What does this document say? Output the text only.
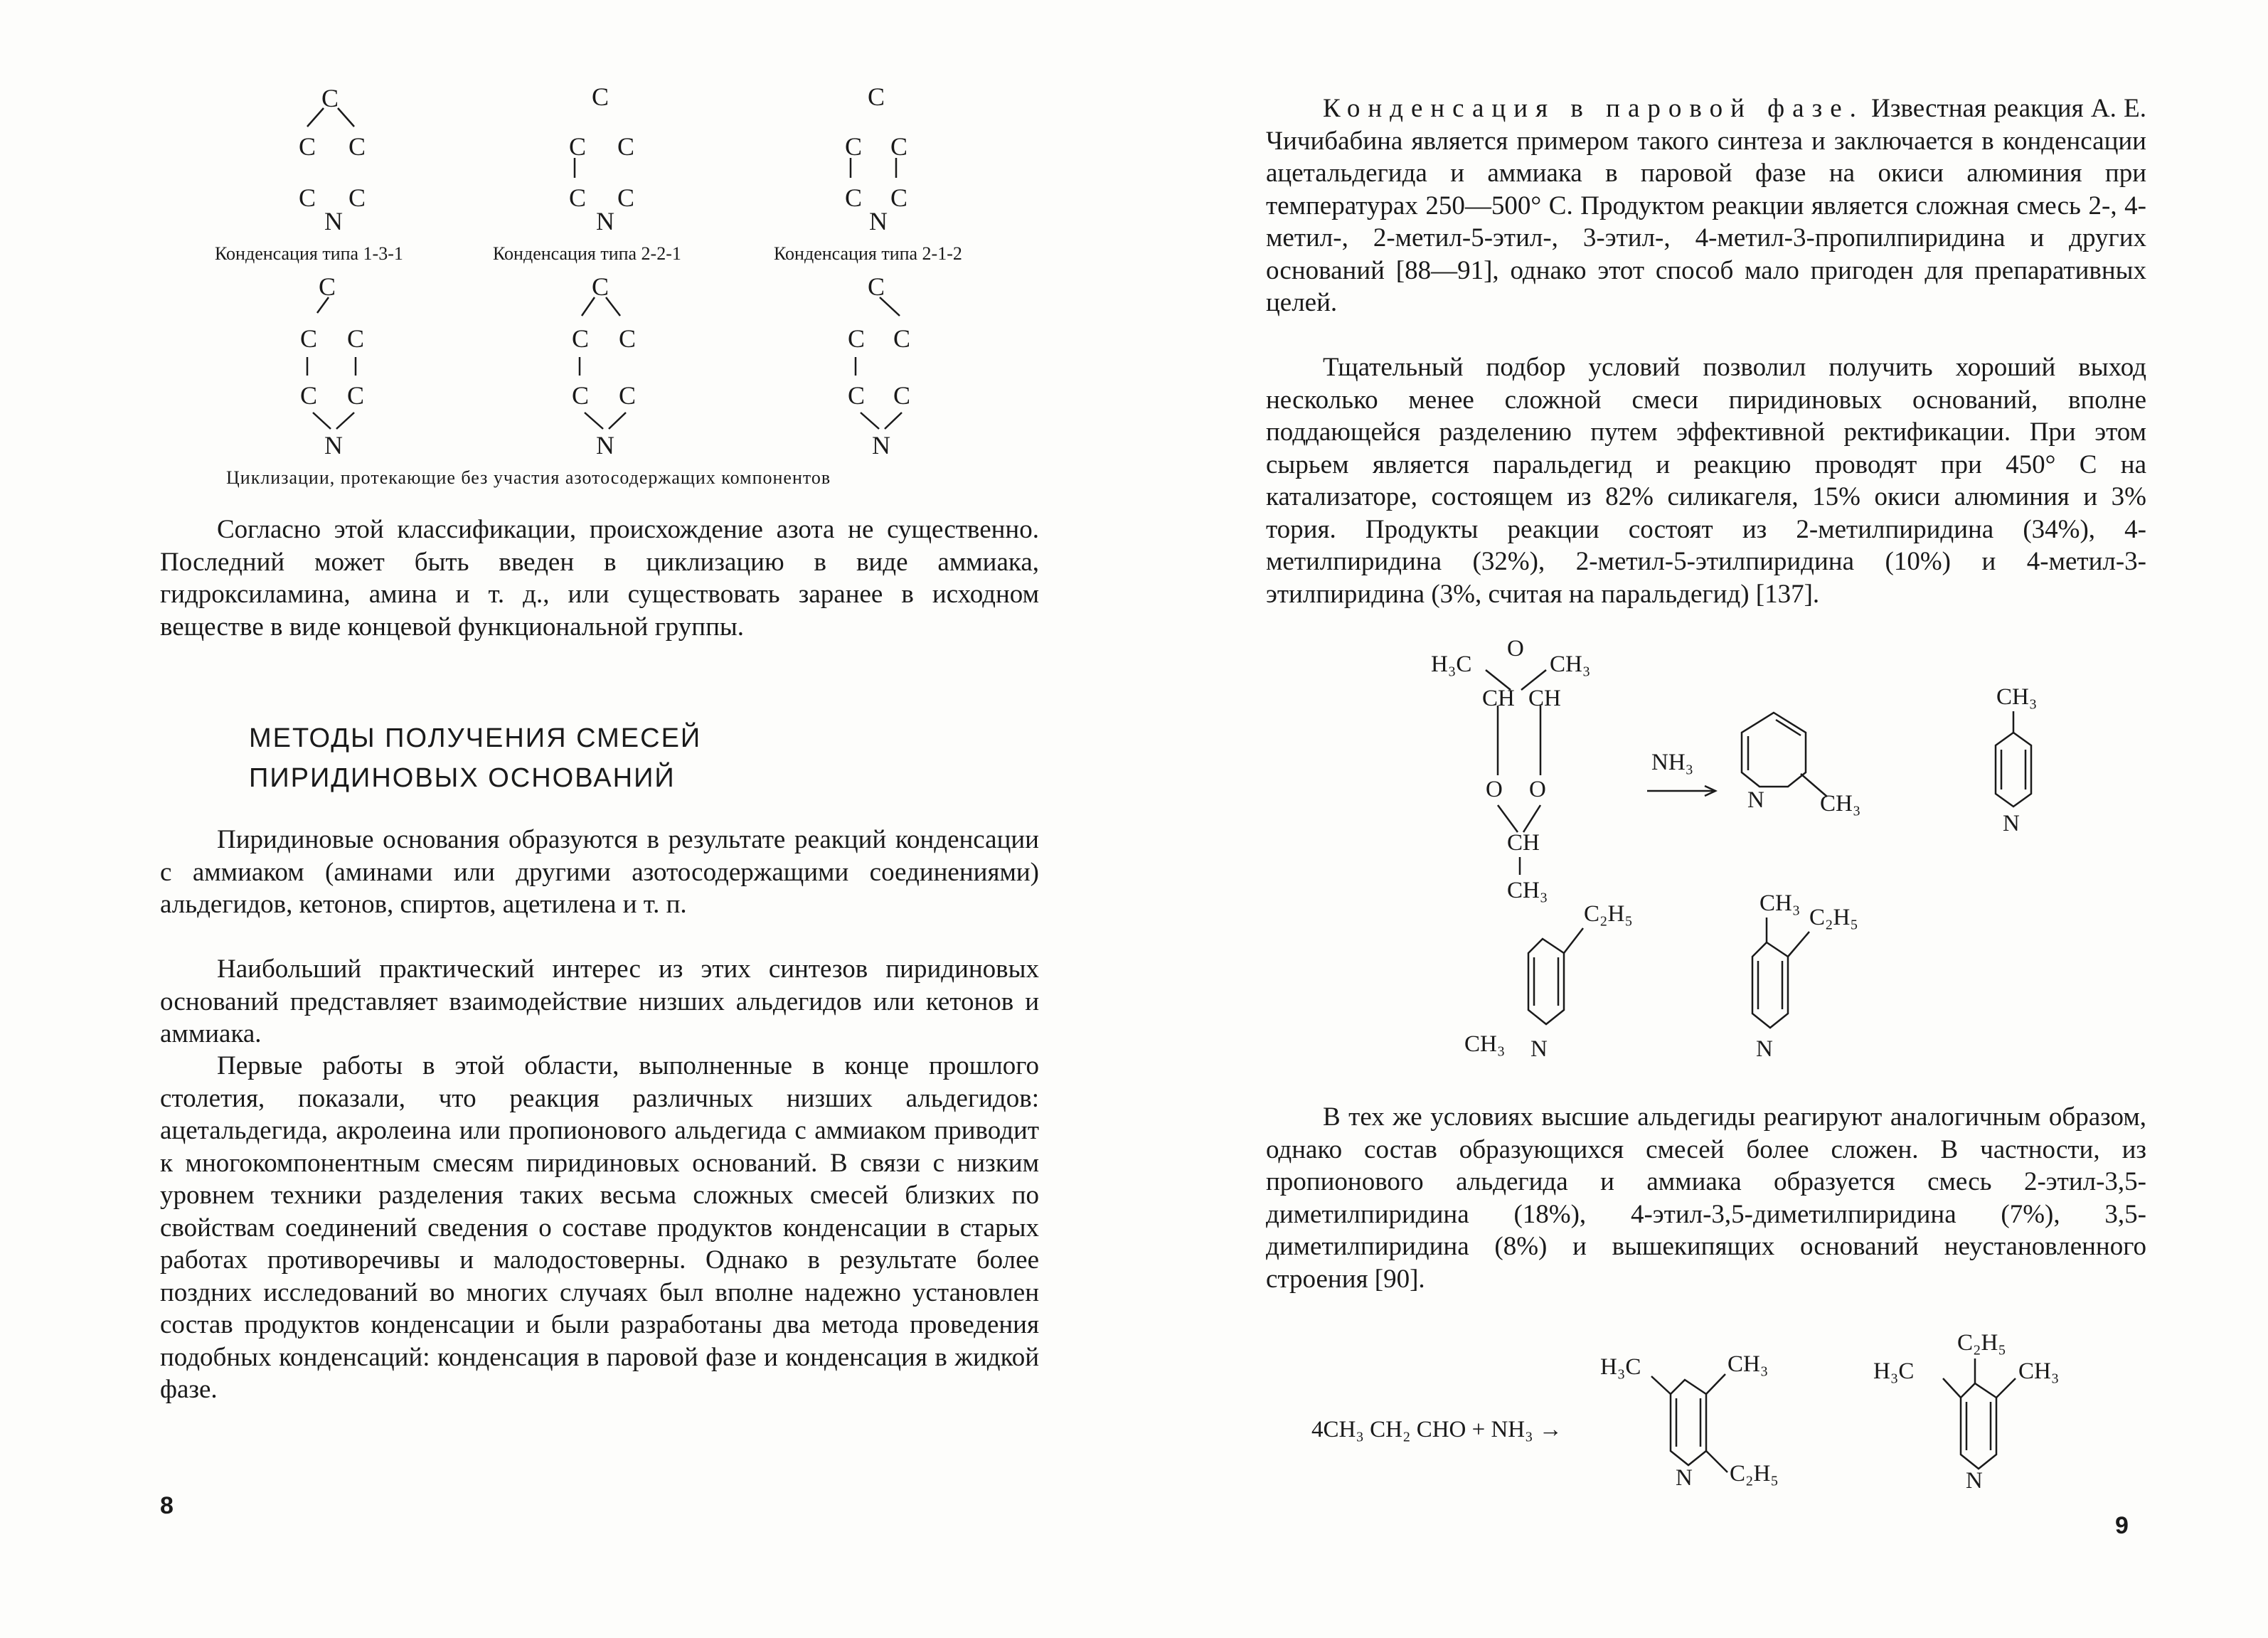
C
C C
C C
C
C C
C C
C
C C
C C
C
C C
C C
C
C C
C C
C
C C
C C
N	N	N
N	N	N
Конденсация типа 1-3-1	Конденсация типа 2-2-1	Конденсация типа 2-1-2
Циклизации, протекающие без участия азотосодержащих компонентов

Согласно этой классификации, происхождение азота не существенно. Последний может быть введен в циклизацию в виде аммиака, гидроксиламина, амина и т. д., или существовать заранее в исходном веществе в виде концевой функциональной группы.

МЕТОДЫ ПОЛУЧЕНИЯ СМЕСЕЙ
ПИРИДИНОВЫХ ОСНОВАНИЙ

Пиридиновые основания образуются в результате реакций конденсации с аммиаком (аминами или другими азотосодержащими соединениями) альдегидов, кетонов, спиртов, ацетилена и т. п.

Наибольший практический интерес из этих синтезов пиридиновых оснований представляет взаимодействие низших альдегидов или кетонов и аммиака.

Первые работы в этой области, выполненные в конце прошлого столетия, показали, что реакция различных низших альдегидов: ацетальдегида, акролеина или пропионового альдегида с аммиаком приводит к многокомпонентным смесям пиридиновых оснований. В связи с низким уровнем техники разделения таких весьма сложных смесей близких по свойствам соединений сведения о составе продуктов конденсации в старых работах противоречивы и малодостоверны. Однако в результате более поздних исследований во многих случаях был вполне надежно установлен состав продуктов конденсации и были разработаны два метода проведения подобных конденсаций: конденсация в паровой фазе и конденсация в жидкой фазе.

8

Конденсация в паровой фазе. Известная реакция А. Е. Чичибабина является примером такого синтеза и заключается в конденсации ацетальдегида и аммиака в паровой фазе на окиси алюминия при температурах 250—500° С. Продуктом реакции является сложная смесь 2-, 4-метил-, 2-метил-5-этил-, 3-этил-, 4-метил-3-пропилпиридина и других оснований [88—91], однако этот способ мало пригоден для препаративных целей.

Тщательный подбор условий позволил получить хороший выход несколько менее сложной смеси пиридиновых оснований, вполне поддающейся разделению путем эффективной ректификации. При этом сырьем является паральдегид и реакцию проводят при 450° С на катализаторе, состоящем из 82% силикагеля, 15% окиси алюминия и 3% тория. Продукты реакции состоят из 2-метилпиридина (34%), 4-метилпиридина (32%), 2-метил-5-этилпиридина (10%) и 4-метил-3-этилпиридина (3%, считая на паральдегид) [137].

H₃C
O
CH₃
CH CH
O O
CH
CH₃
NH₃
N CH₃
CH₃
N
C₂H₅
CH₃ N
CH₃
C₂H₅
N

В тех же условиях высшие альдегиды реагируют аналогичным образом, однако состав образующихся смесей более сложен. В частности, из пропионового альдегида и аммиака образуется смесь 2-этил-3,5-диметилпиридина (18%), 4-этил-3,5-диметилпиридина (7%), 3,5-диметилпиридина (8%) и вышекипящих оснований неустановленного строения [90].

4CH₃ CH₂ CHO + NH₃ →
H₃C	CH₃
N C₂H₅
C₂H₅
H₃C	CH₃
N
9
